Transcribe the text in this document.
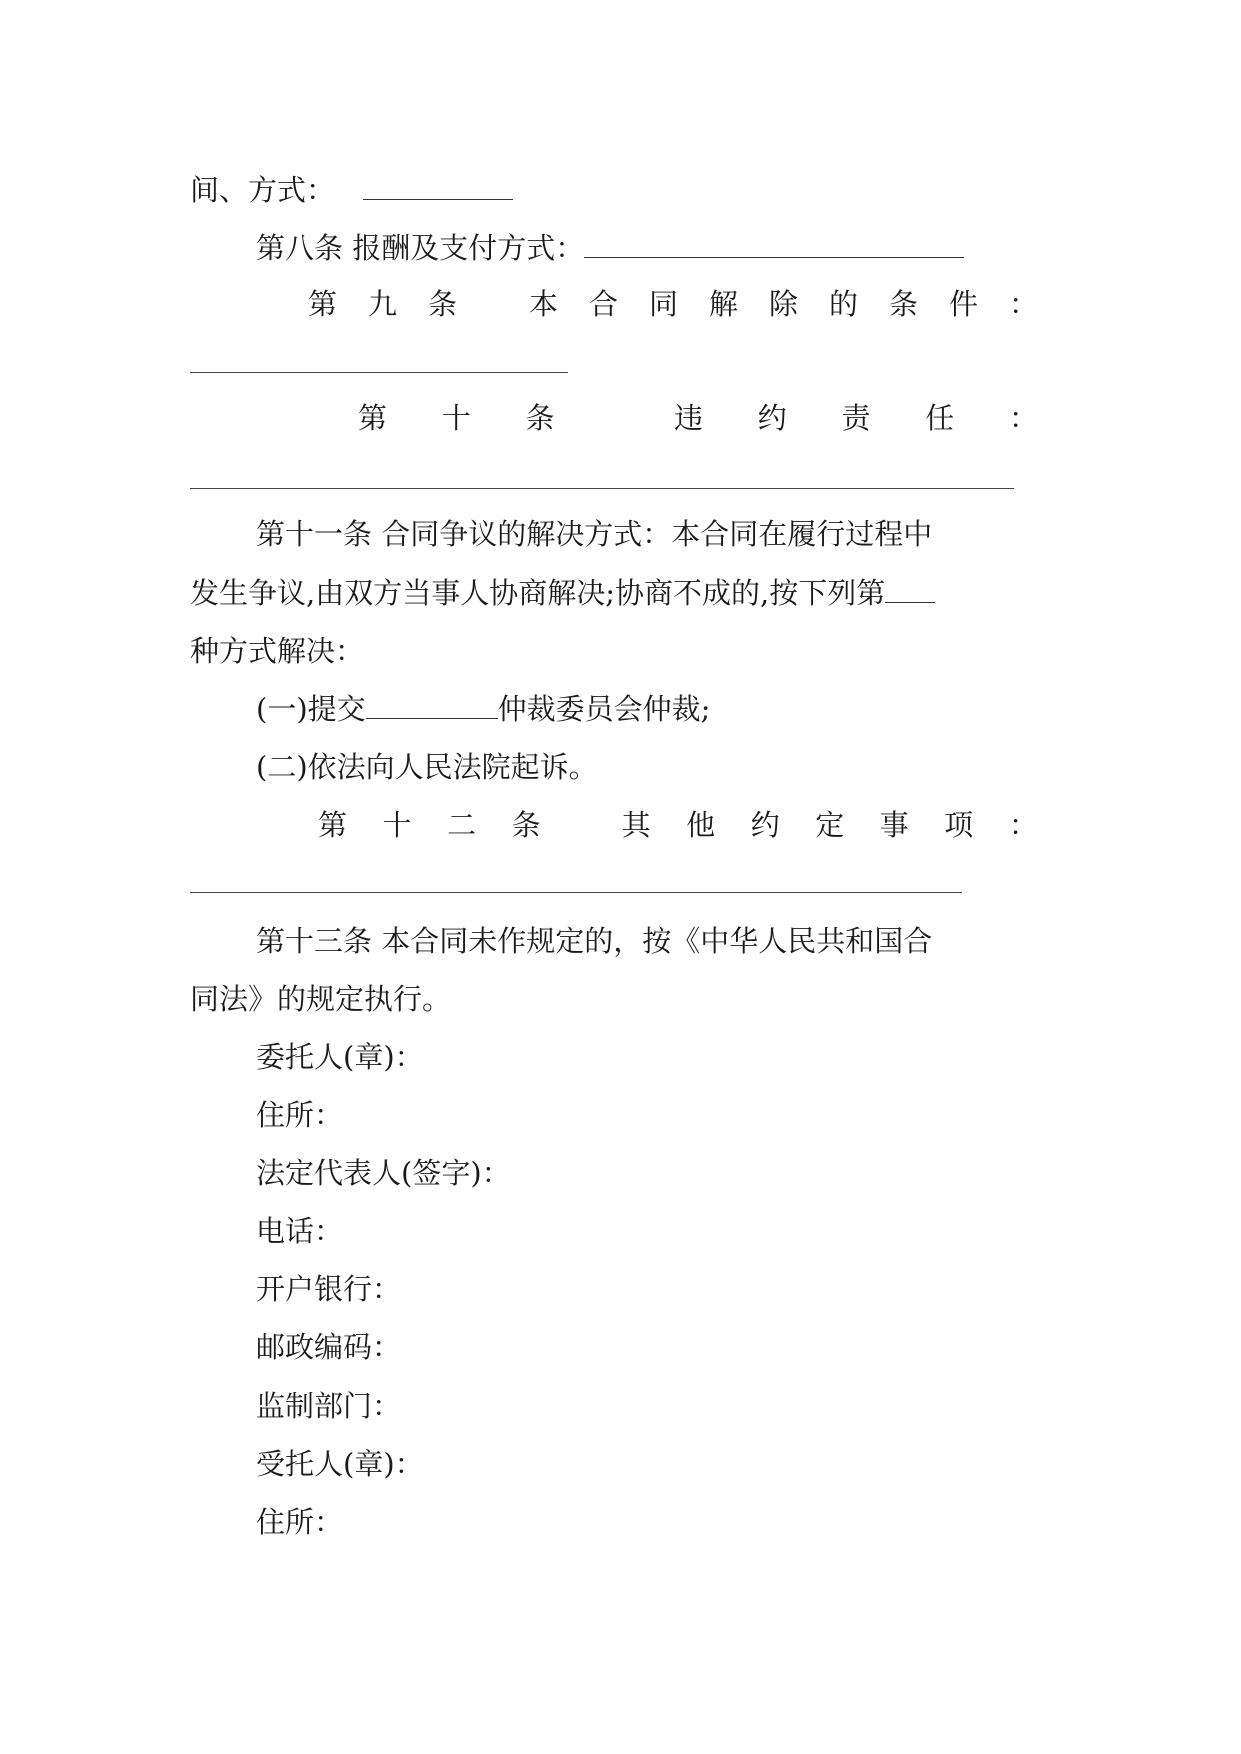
间、方式：
第八条 报酬及支付方式：
第 九 条 本 合 同 解 除 的 条 件 ：
第 十 条	违 约 责 任 ：
第十一条 合同争议的解决方式：本合同在履行过程中
发生争议,由双方当事人协商解决;协商不成的,按下列第
种方式解决：
(一)提交	仲裁委员会仲裁;
(二)依法向人民法院起诉。
第 十 二 条	其 他 约 定 事 项 ：
第十三条 本合同未作规定的，按《中华人民共和国合
同法》的规定执行。
委托人(章)：
住所：
法定代表人(签字)：
电话：
开户银行：
邮政编码：
监制部门：
受托人(章)：
住所：
